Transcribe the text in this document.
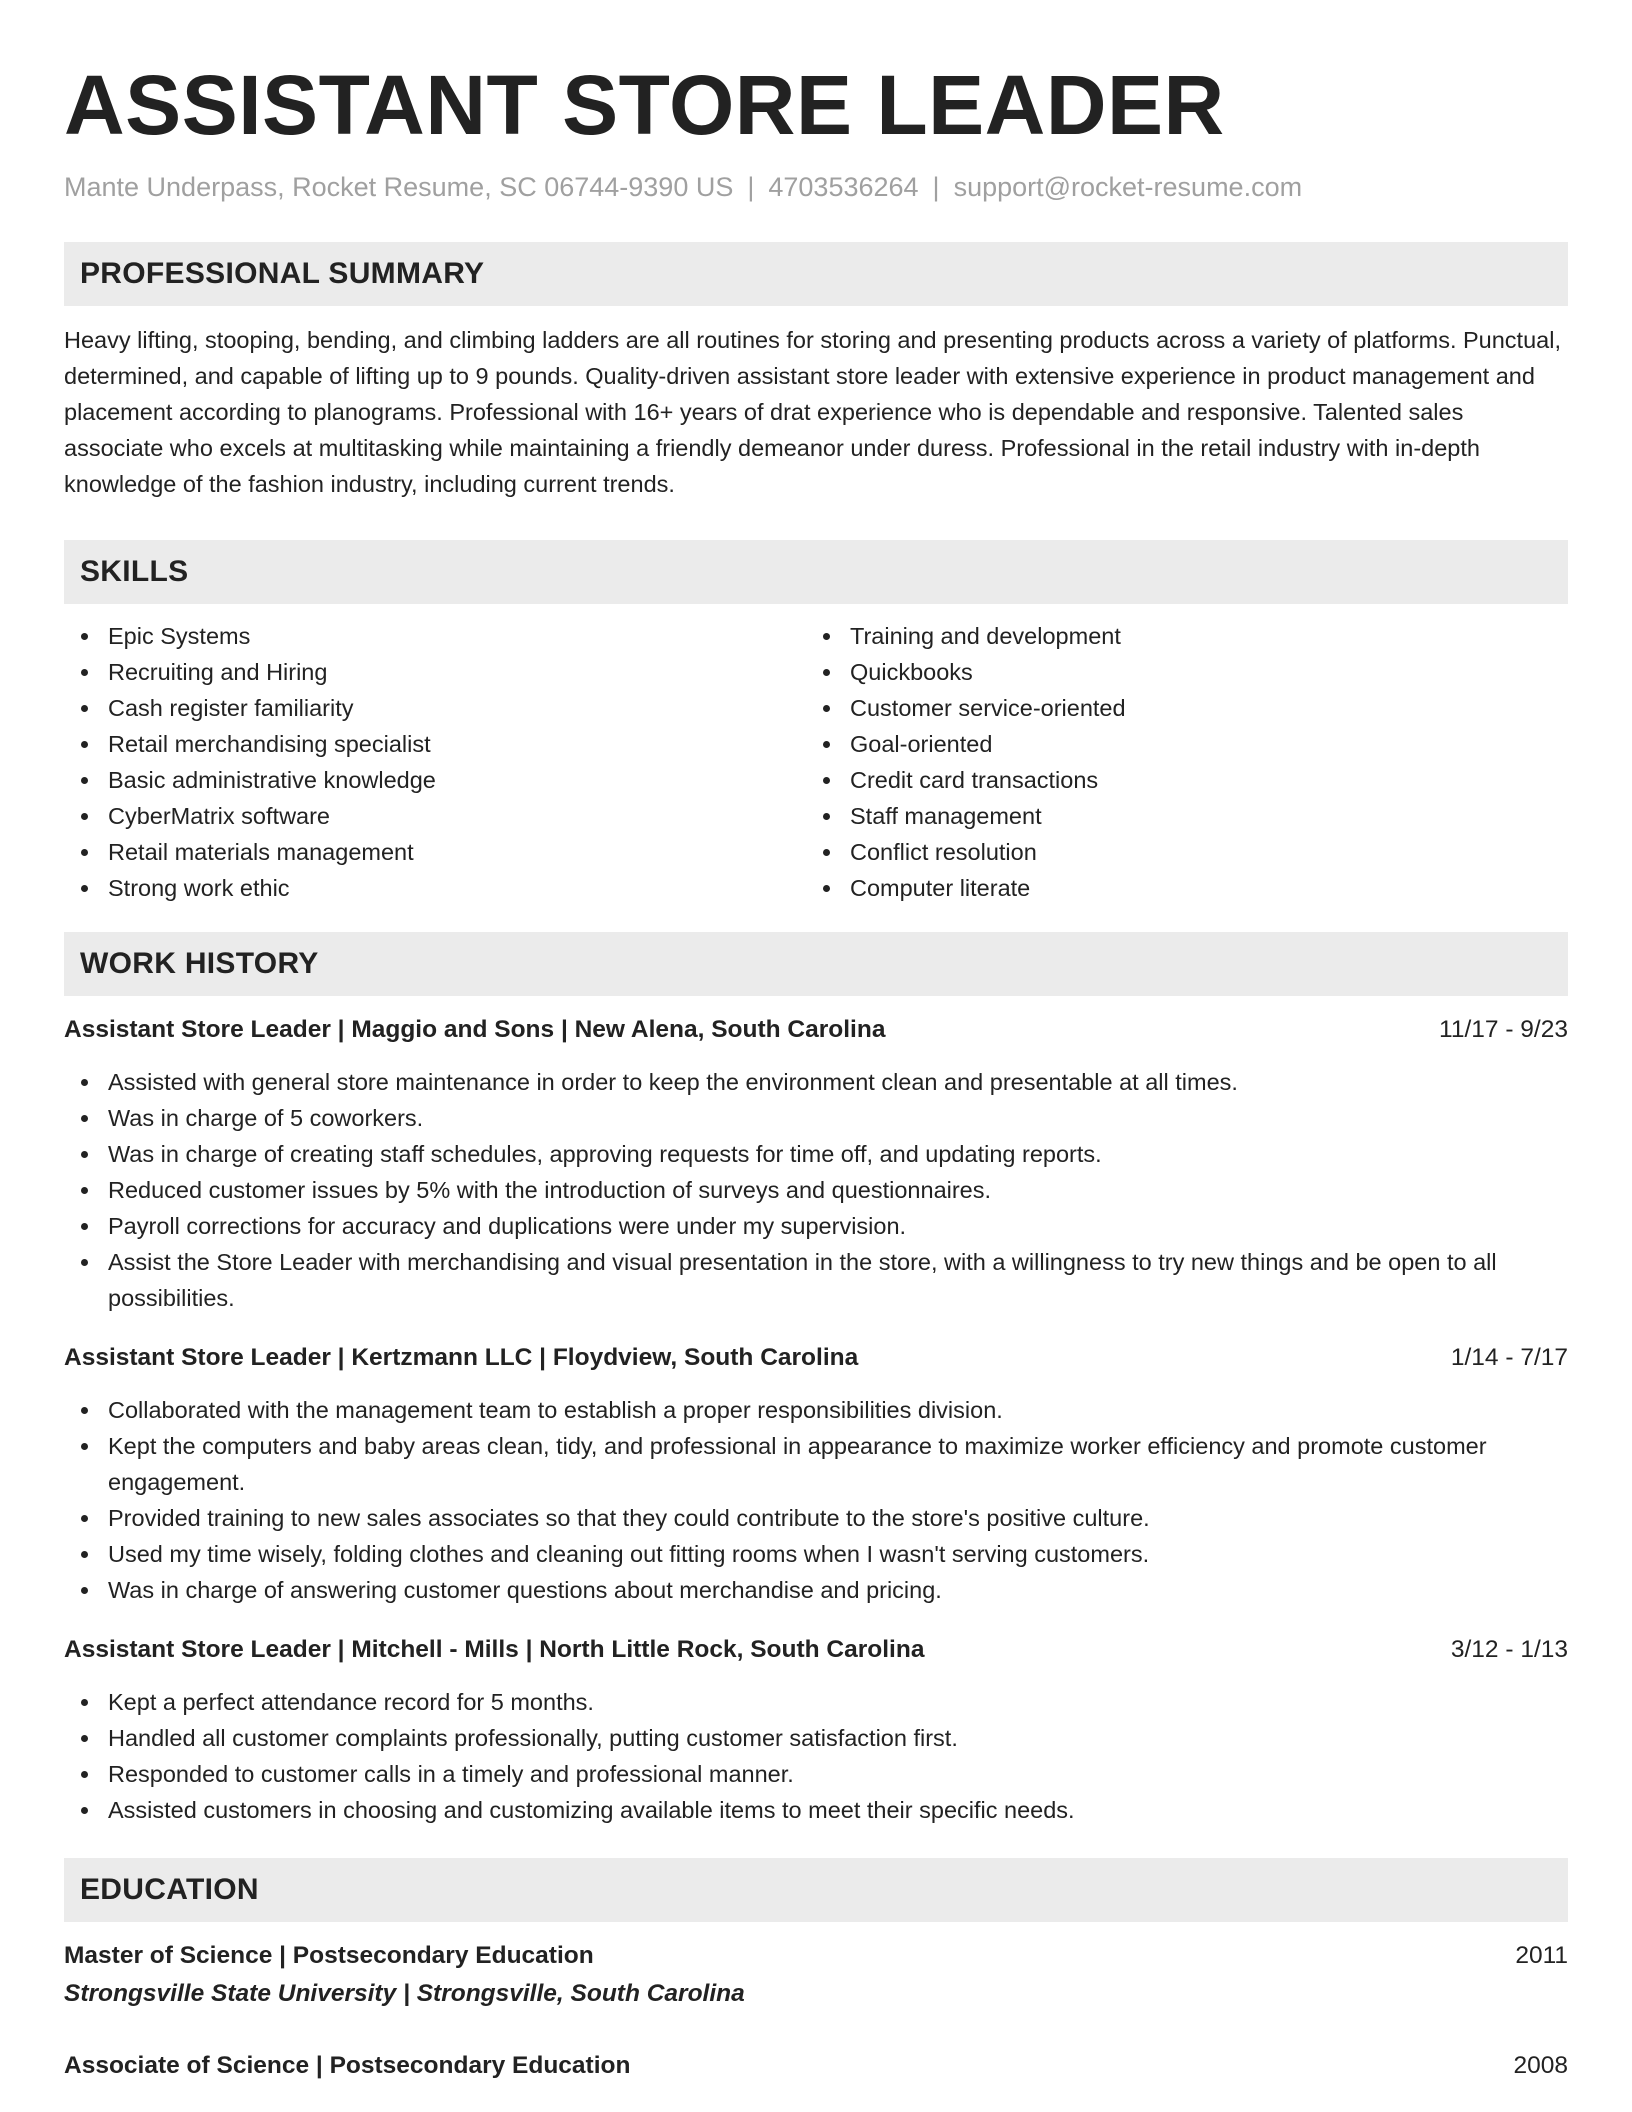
ASSISTANT STORE LEADER
Mante Underpass, Rocket Resume, SC 06744-9390 US | 4703536264 | support@rocket-resume.com
PROFESSIONAL SUMMARY
Heavy lifting, stooping, bending, and climbing ladders are all routines for storing and presenting products across a variety of platforms. Punctual, determined, and capable of lifting up to 9 pounds. Quality-driven assistant store leader with extensive experience in product management and placement according to planograms. Professional with 16+ years of drat experience who is dependable and responsive. Talented sales associate who excels at multitasking while maintaining a friendly demeanor under duress. Professional in the retail industry with in-depth knowledge of the fashion industry, including current trends.
SKILLS
Epic Systems
Recruiting and Hiring
Cash register familiarity
Retail merchandising specialist
Basic administrative knowledge
CyberMatrix software
Retail materials management
Strong work ethic
Training and development
Quickbooks
Customer service-oriented
Goal-oriented
Credit card transactions
Staff management
Conflict resolution
Computer literate
WORK HISTORY
Assistant Store Leader | Maggio and Sons | New Alena, South Carolina	11/17 - 9/23
Assisted with general store maintenance in order to keep the environment clean and presentable at all times.
Was in charge of 5 coworkers.
Was in charge of creating staff schedules, approving requests for time off, and updating reports.
Reduced customer issues by 5% with the introduction of surveys and questionnaires.
Payroll corrections for accuracy and duplications were under my supervision.
Assist the Store Leader with merchandising and visual presentation in the store, with a willingness to try new things and be open to all possibilities.
Assistant Store Leader | Kertzmann LLC | Floydview, South Carolina	1/14 - 7/17
Collaborated with the management team to establish a proper responsibilities division.
Kept the computers and baby areas clean, tidy, and professional in appearance to maximize worker efficiency and promote customer engagement.
Provided training to new sales associates so that they could contribute to the store's positive culture.
Used my time wisely, folding clothes and cleaning out fitting rooms when I wasn't serving customers.
Was in charge of answering customer questions about merchandise and pricing.
Assistant Store Leader | Mitchell - Mills | North Little Rock, South Carolina	3/12 - 1/13
Kept a perfect attendance record for 5 months.
Handled all customer complaints professionally, putting customer satisfaction first.
Responded to customer calls in a timely and professional manner.
Assisted customers in choosing and customizing available items to meet their specific needs.
EDUCATION
Master of Science | Postsecondary Education	2011
Strongsville State University | Strongsville, South Carolina
Associate of Science | Postsecondary Education	2008
